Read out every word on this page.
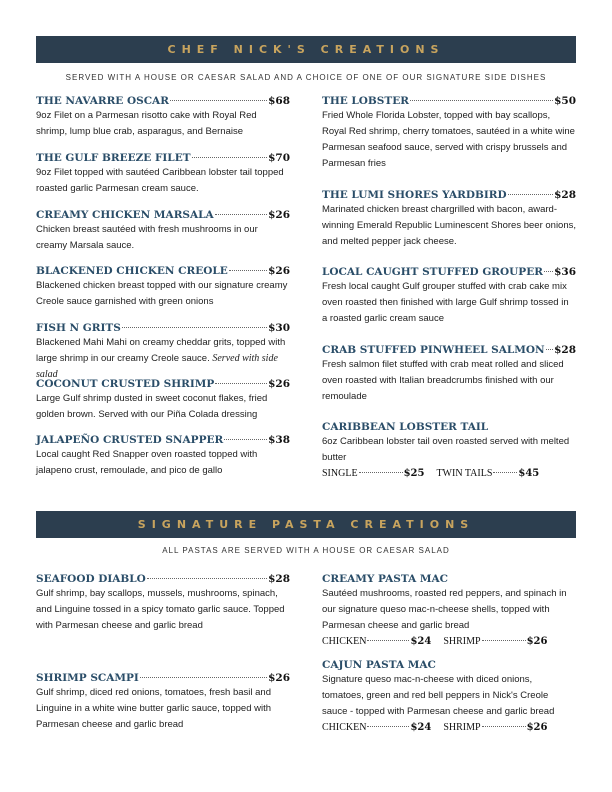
CHEF NICK'S CREATIONS
SERVED WITH A HOUSE OR CAESAR SALAD AND A CHOICE OF ONE OF OUR SIGNATURE SIDE DISHES
THE NAVARRE OSCAR	$68
9oz Filet on a Parmesan risotto cake with Royal Red shrimp, lump blue crab, asparagus, and Bernaise
THE GULF BREEZE FILET	$70
9oz Filet topped with sautéed Caribbean lobster tail topped roasted garlic Parmesan cream sauce.
CREAMY CHICKEN MARSALA	$26
Chicken breast sautéed with fresh mushrooms in our creamy Marsala sauce.
BLACKENED CHICKEN CREOLE	$26
Blackened chicken breast topped with our signature creamy Creole sauce garnished with green onions
FISH N GRITS	$30
Blackened Mahi Mahi on creamy cheddar grits, topped with large shrimp in our creamy Creole sauce. Served with side salad
COCONUT CRUSTED SHRIMP	$26
Large Gulf shrimp dusted in sweet coconut flakes, fried golden brown. Served with our Piña Colada dressing
JALAPEÑO CRUSTED SNAPPER	$38
Local caught Red Snapper oven roasted topped with jalapeno crust, remoulade, and pico de gallo
THE LOBSTER	$50
Fried Whole Florida Lobster, topped with bay scallops, Royal Red shrimp, cherry tomatoes, sautéed in a white wine Parmesan seafood sauce, served with crispy brussels and Parmesan fries
THE LUMI SHORES YARDBIRD	$28
Marinated chicken breast chargrilled with bacon, award-winning Emerald Republic Luminescent Shores beer onions, and melted pepper jack cheese.
LOCAL CAUGHT STUFFED GROUPER $36
Fresh local caught Gulf grouper stuffed with crab cake mix oven roasted then finished with large Gulf shrimp tossed in a roasted garlic cream sauce
CRAB STUFFED PINWHEEL SALMON $28
Fresh salmon filet stuffed with crab meat rolled and sliced oven roasted with Italian breadcrumbs finished with our remoulade
CARIBBEAN LOBSTER TAIL
6oz Caribbean lobster tail oven roasted served with melted butter
SINGLE	$25 TWIN TAILS	$45
SIGNATURE PASTA CREATIONS
ALL PASTAS ARE SERVED WITH A HOUSE OR CAESAR SALAD
SEAFOOD DIABLO	$28
Gulf shrimp, bay scallops, mussels, mushrooms, spinach, and Linguine tossed in a spicy tomato garlic sauce. Topped with Parmesan cheese and garlic bread
SHRIMP SCAMPI	$26
Gulf shrimp, diced red onions, tomatoes, fresh basil and Linguine in a white wine butter garlic sauce, topped with Parmesan cheese and garlic bread
CREAMY PASTA MAC
Sautéed mushrooms, roasted red peppers, and spinach in our signature queso mac-n-cheese shells, topped with Parmesan cheese and garlic bread
CHICKEN	$24 SHRIMP	$26
CAJUN PASTA MAC
Signature queso mac-n-cheese with diced onions, tomatoes, green and red bell peppers in Nick's Creole sauce - topped with Parmesan cheese and garlic bread
CHICKEN	$24 SHRIMP	$26
